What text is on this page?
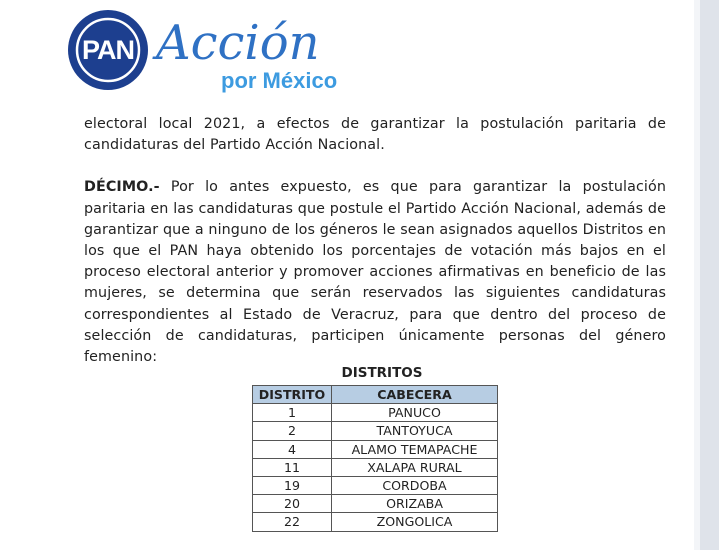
PAN Acción
por México

electoral local 2021, a efectos de garantizar la postulación paritaria de candidaturas del Partido Acción Nacional.

DÉCIMO.- Por lo antes expuesto, es que para garantizar la postulación paritaria en las candidaturas que postule el Partido Acción Nacional, además de garantizar que a ninguno de los géneros le sean asignados aquellos Distritos en los que el PAN haya obtenido los porcentajes de votación más bajos en el proceso electoral anterior y promover acciones afirmativas en beneficio de las mujeres, se determina que serán reservados las siguientes candidaturas correspondientes al Estado de Veracruz, para que dentro del proceso de selección de candidaturas, participen únicamente personas del género femenino:

DISTRITOS
DISTRITO	CABECERA
1	PANUCO
2	TANTOYUCA
4	ALAMO TEMAPACHE
11	XALAPA RURAL
19	CORDOBA
20	ORIZABA
22	ZONGOLICA
